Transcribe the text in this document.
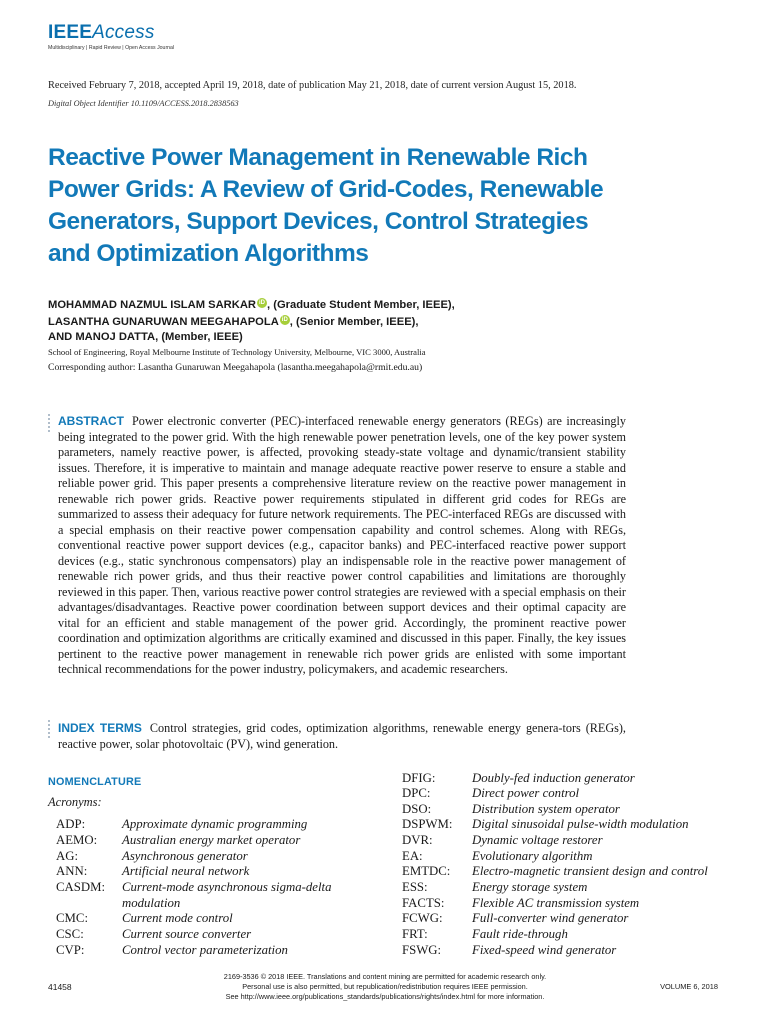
IEEEAccess
Multidisciplinary | Rapid Review | Open Access Journal
Received February 7, 2018, accepted April 19, 2018, date of publication May 21, 2018, date of current version August 15, 2018.
Digital Object Identifier 10.1109/ACCESS.2018.2838563
Reactive Power Management in Renewable Rich
Power Grids: A Review of Grid-Codes, Renewable
Generators, Support Devices, Control Strategies
and Optimization Algorithms
MOHAMMAD NAZMUL ISLAM SARKAR iD , (Graduate Student Member, IEEE),
LASANTHA GUNARUWAN MEEGAHAPOLA iD , (Senior Member, IEEE),
AND MANOJ DATTA, (Member, IEEE)
School of Engineering, Royal Melbourne Institute of Technology University, Melbourne, VIC 3000, Australia
Corresponding author: Lasantha Gunaruwan Meegahapola (lasantha.meegahapola@rmit.edu.au)
ABSTRACT Power electronic converter (PEC)-interfaced renewable energy generators (REGs) are increasingly being integrated to the power grid. With the high renewable power penetration levels, one of the key power system parameters, namely reactive power, is affected, provoking steady-state voltage and dynamic/transient stability issues. Therefore, it is imperative to maintain and manage adequate reactive power reserve to ensure a stable and reliable power grid. This paper presents a comprehensive literature review on the reactive power management in renewable rich power grids. Reactive power requirements stipulated in different grid codes for REGs are summarized to assess their adequacy for future network requirements. The PEC-interfaced REGs are discussed with a special emphasis on their reactive power compensation capability and control schemes. Along with REGs, conventional reactive power support devices (e.g., capacitor banks) and PEC-interfaced reactive power support devices (e.g., static synchronous compensators) play an indispensable role in the reactive power management of renewable rich power grids, and thus their reactive power control capabilities and limitations are thoroughly reviewed in this paper. Then, various reactive power control strategies are reviewed with a special emphasis on their advantages/disadvantages. Reactive power coordination between support devices and their optimal capacity are vital for an efficient and stable management of the power grid. Accordingly, the prominent reactive power coordination and optimization algorithms are critically examined and discussed in this paper. Finally, the key issues pertinent to the reactive power management in renewable rich power grids are enlisted with some important technical recommendations for the power industry, policymakers, and academic researchers.
INDEX TERMS Control strategies, grid codes, optimization algorithms, renewable energy genera-tors (REGs), reactive power, solar photovoltaic (PV), wind generation.
NOMENCLATURE
Acronyms:
ADP:	Approximate dynamic programming
AEMO: Australian energy market operator
AG:	Asynchronous generator
ANN:	Artificial neural network
CASDM: Current-mode asynchronous sigma-delta modulation
CMC:	Current mode control
CSC:	Current source converter
CVP:	Control vector parameterization
DFIG:	Doubly-fed induction generator
DPC:	Direct power control
DSO:	Distribution system operator
DSPWM: Digital sinusoidal pulse-width modulation
DVR:	Dynamic voltage restorer
EA:	Evolutionary algorithm
EMTDC: Electro-magnetic transient design and control
ESS:	Energy storage system
FACTS: Flexible AC transmission system
FCWG: Full-converter wind generator
FRT:	Fault ride-through
FSWG: Fixed-speed wind generator
41458
2169-3536 © 2018 IEEE. Translations and content mining are permitted for academic research only.
Personal use is also permitted, but republication/redistribution requires IEEE permission.
See http://www.ieee.org/publications_standards/publications/rights/index.html for more information.
VOLUME 6, 2018
